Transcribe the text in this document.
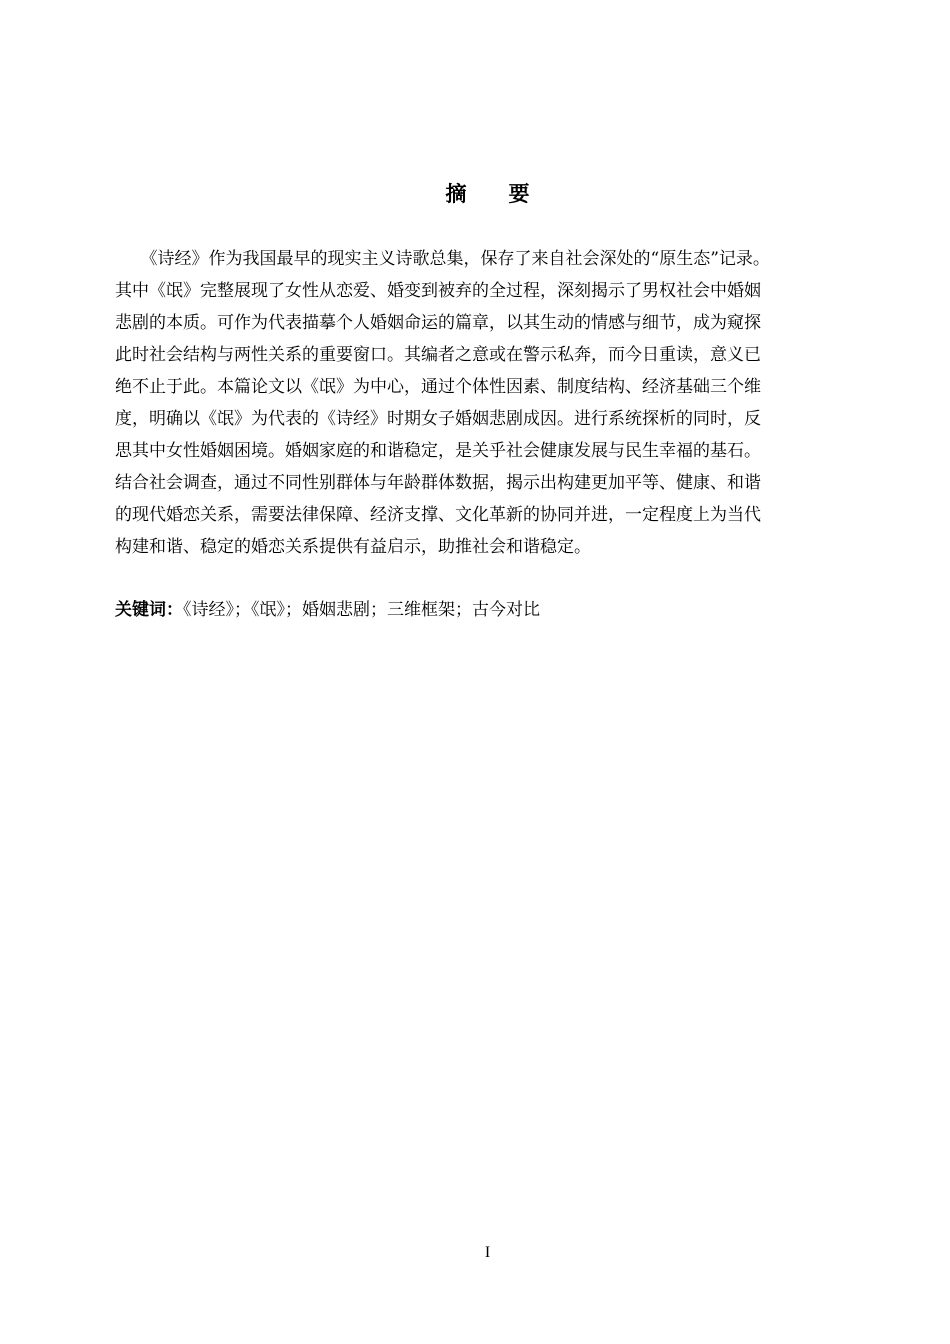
摘 要
　　《诗经》作为我国最早的现实主义诗歌总集，保存了来自社会深处的“原生态”记录。
其中《氓》完整展现了女性从恋爱、婚变到被弃的全过程，深刻揭示了男权社会中婚姻
悲剧的本质。可作为代表描摹个人婚姻命运的篇章，以其生动的情感与细节，成为窥探
此时社会结构与两性关系的重要窗口。其编者之意或在警示私奔，而今日重读，意义已
绝不止于此。本篇论文以《氓》为中心，通过个体性因素、制度结构、经济基础三个维
度，明确以《氓》为代表的《诗经》时期女子婚姻悲剧成因。进行系统探析的同时，反
思其中女性婚姻困境。婚姻家庭的和谐稳定，是关乎社会健康发展与民生幸福的基石。
结合社会调查，通过不同性别群体与年龄群体数据，揭示出构建更加平等、健康、和谐
的现代婚恋关系，需要法律保障、经济支撑、文化革新的协同并进，一定程度上为当代
构建和谐、稳定的婚恋关系提供有益启示，助推社会和谐稳定。
关键词：《诗经》；《氓》；婚姻悲剧；三维框架；古今对比
I
